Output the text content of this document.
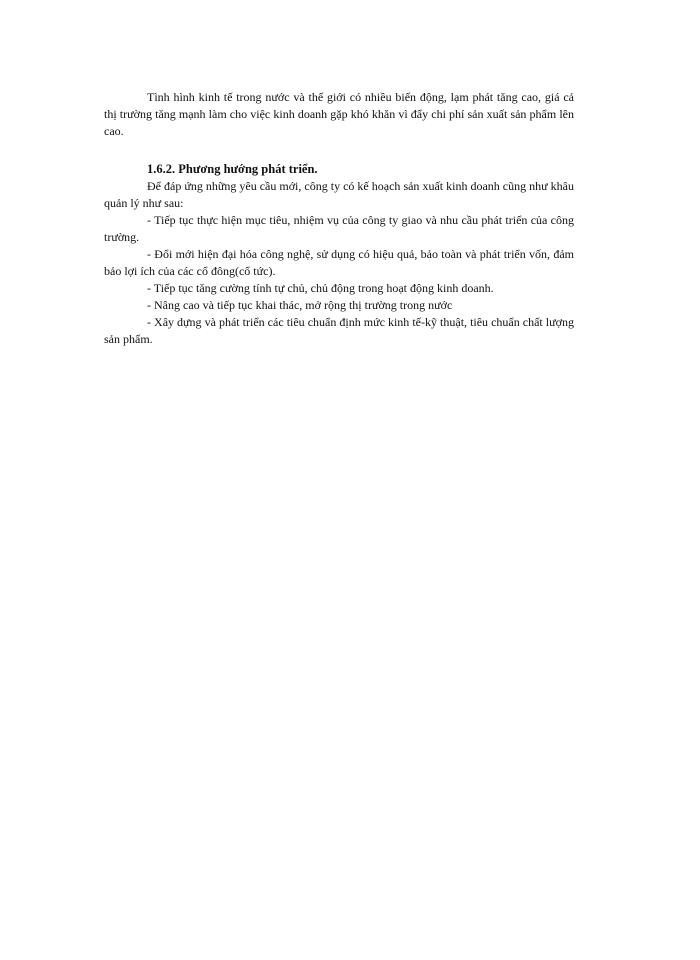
Tình hình kinh tế trong nước và thế giới có nhiều biến động, lạm phát tăng cao, giá cả thị trường tăng mạnh làm cho việc kinh doanh gặp khó khăn vì đẩy chi phí sản xuất sản phẩm lên cao.

1.6.2. Phương hướng phát triển.

Để đáp ứng những yêu cầu mới, công ty có kế hoạch sản xuất kinh doanh cũng như khâu quản lý như sau:

- Tiếp tục thực hiện mục tiêu, nhiệm vụ của công ty giao và nhu cầu phát triển của công trường.

- Đổi mới hiện đại hóa công nghệ, sử dụng có hiệu quả, bảo toàn và phát triển vốn, đảm bảo lợi ích của các cổ đông(cổ tức).

- Tiếp tục tăng cường tính tự chủ, chủ động trong hoạt động kinh doanh.

- Nâng cao và tiếp tục khai thác, mở rộng thị trường trong nước

- Xây dựng và phát triển các tiêu chuẩn định mức kinh tế-kỹ thuật, tiêu chuẩn chất lượng sản phẩm.
